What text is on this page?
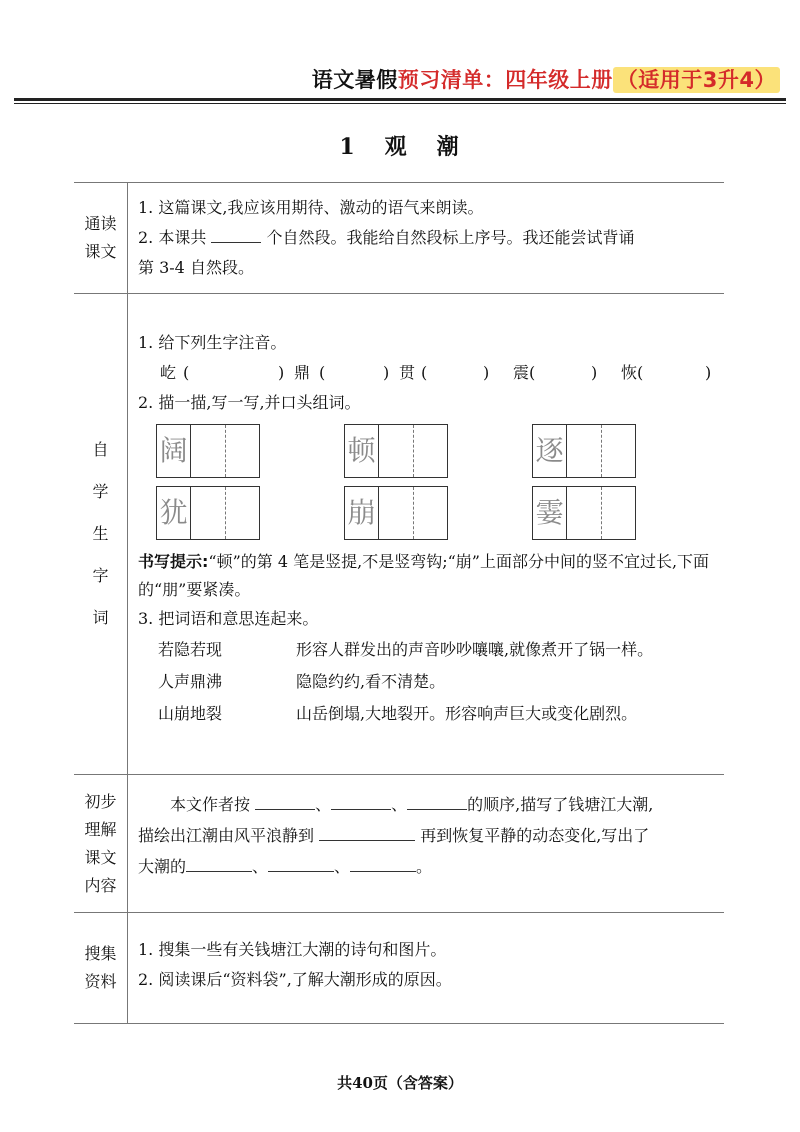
语文暑假预习清单：四年级上册 （适用于3升4）
1 观 潮
通读课文
1. 这篇课文,我应该用期待、激动的语气来朗读。
2. 本课共	个自然段。我能给自然段标上序号。我还能尝试背诵
第 3-4 自然段。
自学生字词
1. 给下列生字注音。
屹 (	) 鼎 (	) 贯 (	)	震 (	)	恢 (	)
2. 描一描,写一写,并口头组词。
阔	顿	逐
犹	崩	霎
书写提示:“顿”的第 4 笔是竖提,不是竖弯钩;“崩”上面部分中间的竖不宜过长,下面的“朋”要紧凑。
3. 把词语和意思连起来。
若隐若现	形容人群发出的声音吵吵嚷嚷,就像煮开了锅一样。
人声鼎沸	隐隐约约,看不清楚。
山崩地裂	山岳倒塌,大地裂开。形容响声巨大或变化剧烈。
初步理解课文内容
本文作者按	、	、	的顺序,描写了钱塘江大潮,
描绘出江潮由风平浪静到	再到恢复平静的动态变化,写出了
大潮的	、	、	。
搜集资料
1. 搜集一些有关钱塘江大潮的诗句和图片。
2. 阅读课后“资料袋”,了解大潮形成的原因。
共40页（含答案）
